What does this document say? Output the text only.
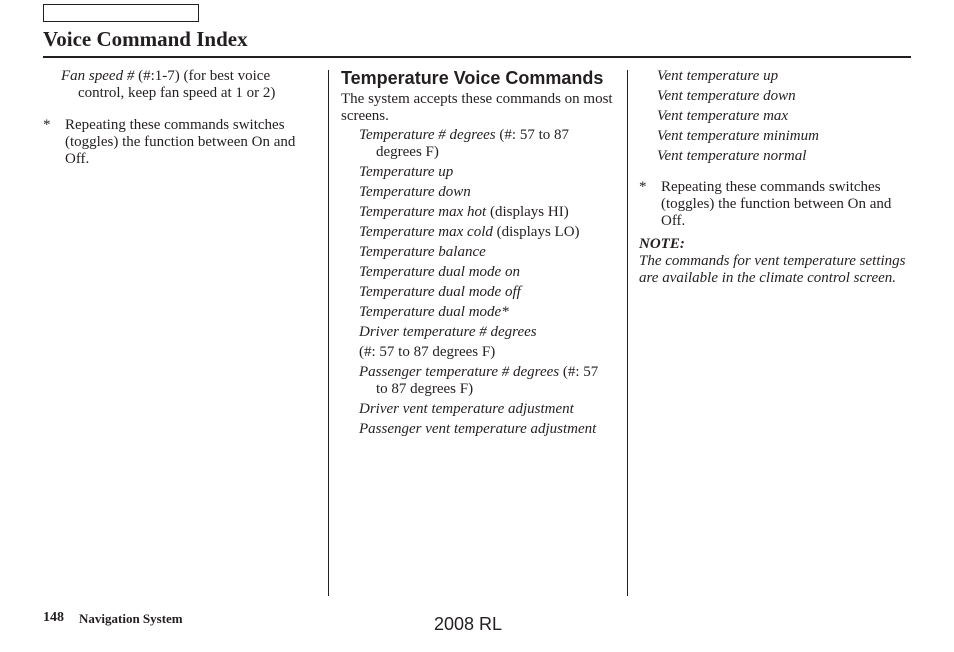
Voice Command Index

Fan speed # (#:1-7) (for best voice control, keep fan speed at 1 or 2)

* Repeating these commands switches (toggles) the function between On and Off.
Temperature Voice Commands

The system accepts these commands on most screens.

Temperature # degrees (#: 57 to 87 degrees F)

Temperature up

Temperature down

Temperature max hot (displays HI)

Temperature max cold (displays LO)

Temperature balance

Temperature dual mode on

Temperature dual mode off

Temperature dual mode*

Driver temperature # degrees

(#: 57 to 87 degrees F)

Passenger temperature # degrees (#: 57 to 87 degrees F)

Driver vent temperature adjustment

Passenger vent temperature adjustment

Vent temperature up

Vent temperature down

Vent temperature max

Vent temperature minimum

Vent temperature normal

* Repeating these commands switches (toggles) the function between On and Off.

NOTE:

The commands for vent temperature settings are available in the climate control screen.

148 Navigation System	2008 RL
